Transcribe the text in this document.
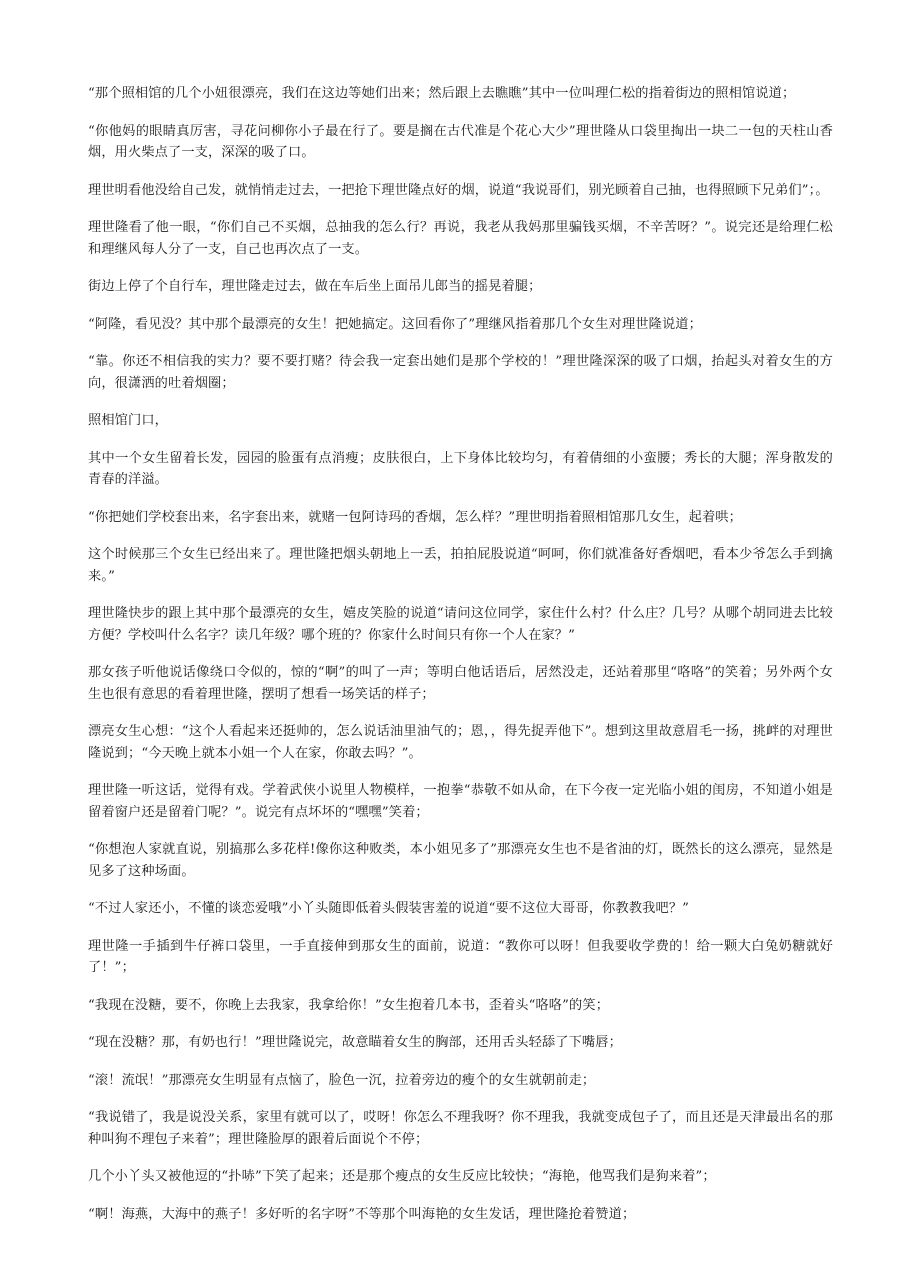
“那个照相馆的几个小妞很漂亮，我们在这边等她们出来；然后跟上去瞧瞧”其中一位叫理仁松的指着街边的照相馆说道；

“你他妈的眼睛真厉害，寻花问柳你小子最在行了。要是搁在古代准是个花心大少”理世隆从口袋里掏出一块二一包的天柱山香烟，用火柴点了一支，深深的吸了口。

理世明看他没给自己发，就悄悄走过去，一把抢下理世隆点好的烟，说道“我说哥们，别光顾着自己抽，也得照顾下兄弟们”；。

理世隆看了他一眼，“你们自己不买烟，总抽我的怎么行？再说，我老从我妈那里骗钱买烟，不辛苦呀？”。说完还是给理仁松和理继风每人分了一支，自己也再次点了一支。

街边上停了个自行车，理世隆走过去，做在车后坐上面吊儿郎当的摇晃着腿；

“阿隆，看见没？其中那个最漂亮的女生！把她搞定。这回看你了”理继风指着那几个女生对理世隆说道；

“靠。你还不相信我的实力？要不要打赌？待会我一定套出她们是那个学校的！”理世隆深深的吸了口烟，抬起头对着女生的方向，很潇洒的吐着烟圈；

照相馆门口，

其中一个女生留着长发，园园的脸蛋有点消瘦；皮肤很白，上下身体比较均匀，有着倩细的小蛮腰；秀长的大腿；浑身散发的青春的洋溢。

“你把她们学校套出来，名字套出来，就赌一包阿诗玛的香烟，怎么样？”理世明指着照相馆那几女生，起着哄；

这个时候那三个女生已经出来了。理世隆把烟头朝地上一丢，拍拍屁股说道“呵呵，你们就准备好香烟吧，看本少爷怎么手到擒来。”

理世隆快步的跟上其中那个最漂亮的女生，嬉皮笑脸的说道“请问这位同学，家住什么村？什么庄？几号？从哪个胡同进去比较方便？学校叫什么名字？读几年级？哪个班的？你家什么时间只有你一个人在家？”

那女孩子听他说话像绕口令似的，惊的“啊”的叫了一声；等明白他话语后，居然没走，还站着那里“咯咯”的笑着；另外两个女生也很有意思的看着理世隆，摆明了想看一场笑话的样子；

漂亮女生心想：“这个人看起来还挺帅的，怎么说话油里油气的；恩，，得先捉弄他下”。想到这里故意眉毛一扬，挑衅的对理世隆说到；“今天晚上就本小姐一个人在家，你敢去吗？”。

理世隆一听这话，觉得有戏。学着武侠小说里人物模样，一抱拳“恭敬不如从命，在下今夜一定光临小姐的闺房，不知道小姐是留着窗户还是留着门呢？”。说完有点坏坏的“嘿嘿”笑着；

“你想泡人家就直说，别搞那么多花样!像你这种败类，本小姐见多了”那漂亮女生也不是省油的灯，既然长的这么漂亮，显然是见多了这种场面。

“不过人家还小，不懂的谈恋爱哦”小丫头随即低着头假装害羞的说道“要不这位大哥哥，你教教我吧？”

理世隆一手插到牛仔裤口袋里，一手直接伸到那女生的面前，说道：“教你可以呀！但我要收学费的！给一颗大白兔奶糖就好了！”；

“我现在没糖，要不，你晚上去我家，我拿给你！”女生抱着几本书，歪着头“咯咯”的笑；

“现在没糖？那，有奶也行！”理世隆说完，故意瞄着女生的胸部，还用舌头轻舔了下嘴唇；

“滚！流氓！”那漂亮女生明显有点恼了，脸色一沉，拉着旁边的瘦个的女生就朝前走；

“我说错了，我是说没关系，家里有就可以了，哎呀！你怎么不理我呀？你不理我，我就变成包子了，而且还是天津最出名的那种叫狗不理包子来着”；理世隆脸厚的跟着后面说个不停；

几个小丫头又被他逗的“扑哧”下笑了起来；还是那个瘦点的女生反应比较快；“海艳，他骂我们是狗来着”；

“啊！海燕，大海中的燕子！多好听的名字呀”不等那个叫海艳的女生发话，理世隆抢着赞道；
